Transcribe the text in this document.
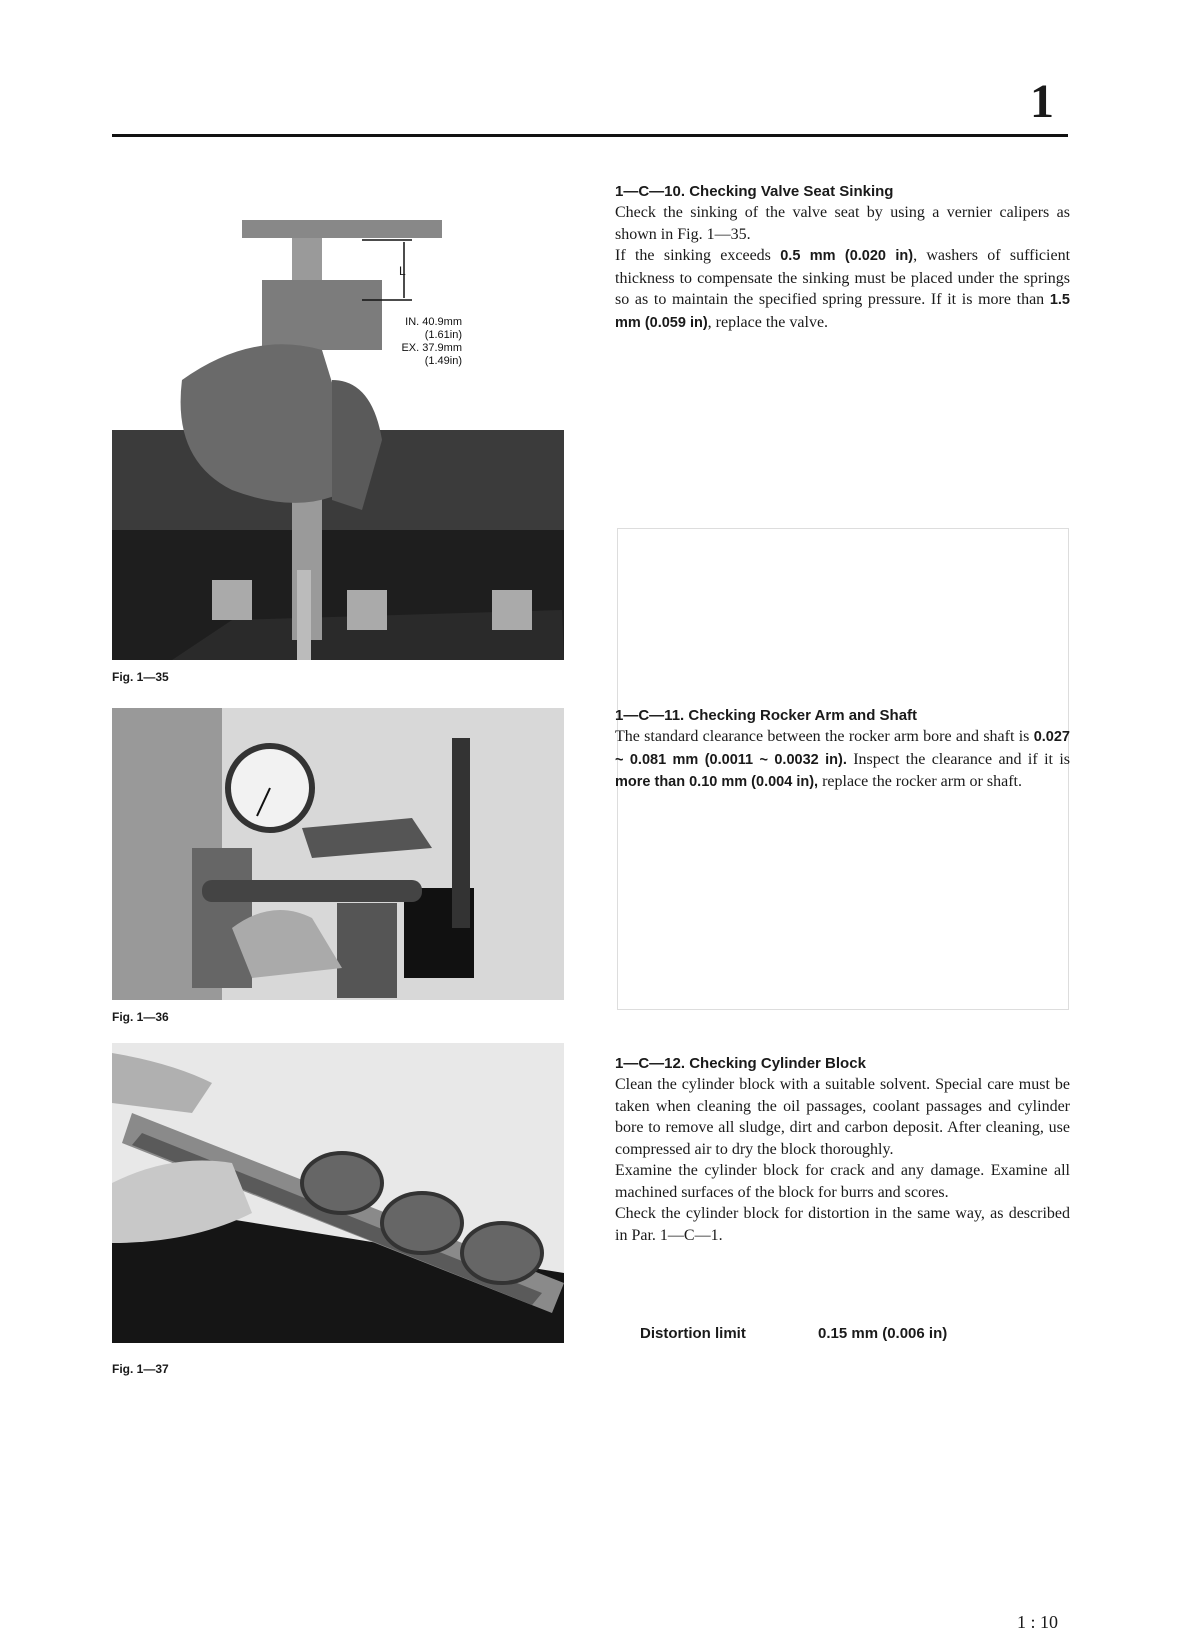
1
L
IN. 40.9mm
(1.61in)
EX. 37.9mm
(1.49in)
Fig. 1—35
Fig. 1—36
Fig. 1—37
1—C—10. Checking Valve Seat Sinking

Check the sinking of the valve seat by using a vernier calipers as shown in Fig. 1—35.

If the sinking exceeds 0.5 mm (0.020 in), washers of sufficient thickness to compensate the sinking must be placed under the springs so as to maintain the specified spring pressure. If it is more than 1.5 mm (0.059 in), replace the valve.

1—C—11. Checking Rocker Arm and Shaft

The standard clearance between the rocker arm bore and shaft is 0.027 ~ 0.081 mm (0.0011 ~ 0.0032 in). Inspect the clearance and if it is more than 0.10 mm (0.004 in), replace the rocker arm or shaft.

1—C—12. Checking Cylinder Block

Clean the cylinder block with a suitable solvent. Special care must be taken when cleaning the oil passages, coolant passages and cylinder bore to remove all sludge, dirt and carbon deposit. After cleaning, use compressed air to dry the block thoroughly.

Examine the cylinder block for crack and any damage. Examine all machined surfaces of the block for burrs and scores.

Check the cylinder block for distortion in the same way, as described in Par. 1—C—1.

Distortion limit	0.15 mm (0.006 in)
1 : 10
